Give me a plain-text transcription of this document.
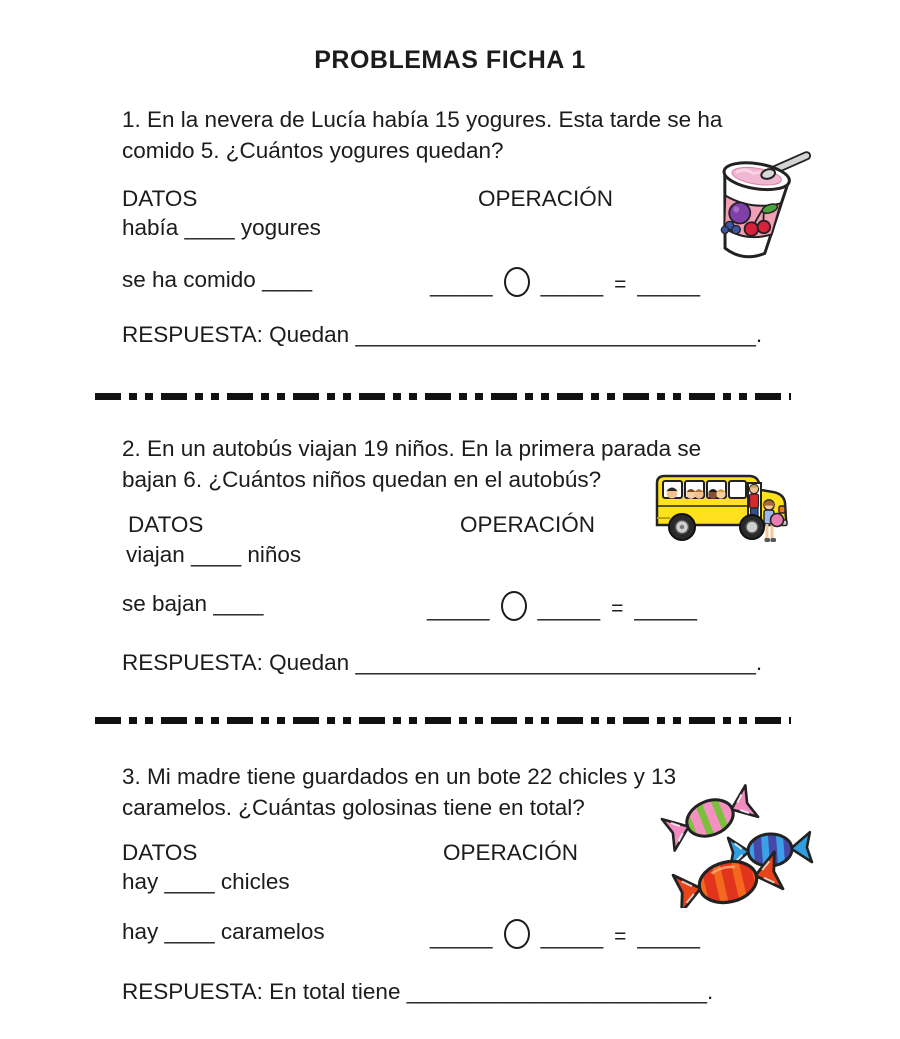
PROBLEMAS FICHA 1
1. En la nevera de Lucía había 15 yogures. Esta tarde se ha
comido 5. ¿Cuántos yogures quedan?
DATOS	OPERACIÓN
había ____ yogures
se ha comido ____	_____ _____ = _____
RESPUESTA: Quedan ________________________________.
2. En un autobús viajan 19 niños. En la primera parada se
bajan 6. ¿Cuántos niños quedan en el autobús?
DATOS	OPERACIÓN
viajan ____ niños
se bajan ____	_____ _____ = _____
RESPUESTA: Quedan ________________________________.
3. Mi madre tiene guardados en un bote 22 chicles y 13
caramelos. ¿Cuántas golosinas tiene en total?
DATOS	OPERACIÓN
hay ____ chicles
hay ____ caramelos	_____ _____ = _____
RESPUESTA: En total tiene ________________________.
